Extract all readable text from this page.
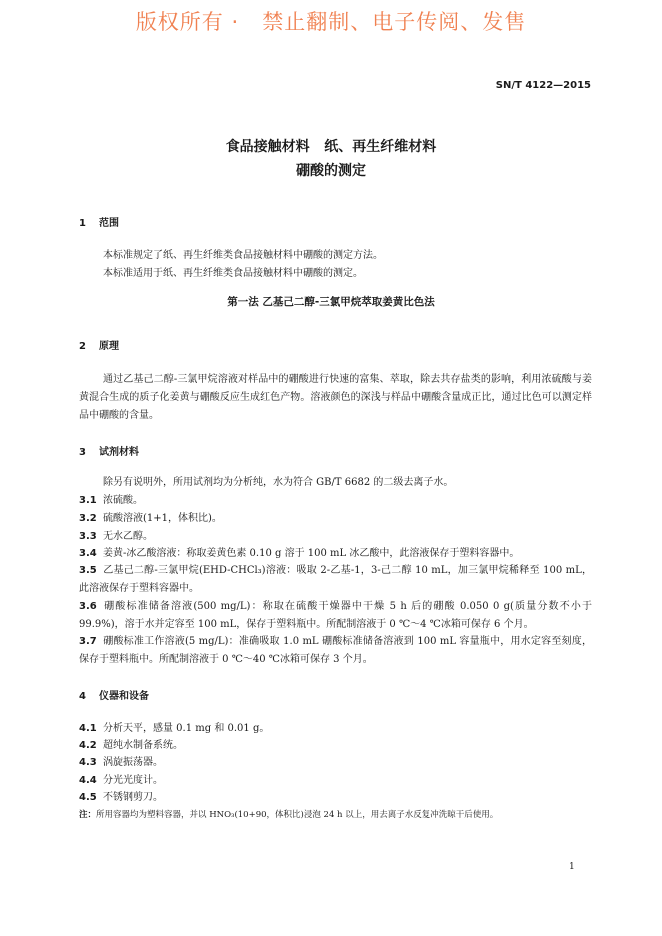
版权所有 ·   禁止翻制、电子传阅、发售
SN/T 4122—2015
食品接触材料   纸、再生纤维材料
硼酸的测定
1 范围
本标准规定了纸、再生纤维类食品接触材料中硼酸的测定方法。
本标准适用于纸、再生纤维类食品接触材料中硼酸的测定。
第一法 乙基己二醇-三氯甲烷萃取姜黄比色法
2 原理
通过乙基己二醇-三氯甲烷溶液对样品中的硼酸进行快速的富集、萃取，除去共存盐类的影响，利用浓硫酸与姜黄混合生成的质子化姜黄与硼酸反应生成红色产物。溶液颜色的深浅与样品中硼酸含量成正比，通过比色可以测定样品中硼酸的含量。
3 试剂材料
除另有说明外，所用试剂均为分析纯，水为符合 GB/T 6682 的二级去离子水。
3.1 浓硫酸。
3.2 硫酸溶液(1+1，体积比)。
3.3 无水乙醇。
3.4 姜黄-冰乙酸溶液：称取姜黄色素 0.10 g 溶于 100 mL 冰乙酸中，此溶液保存于塑料容器中。
3.5 乙基己二醇-三氯甲烷(EHD-CHCl₃)溶液：吸取 2-乙基-1，3-己二醇 10 mL，加三氯甲烷稀释至 100 mL，此溶液保存于塑料容器中。
3.6 硼酸标准储备溶液(500 mg/L)：称取在硫酸干燥器中干燥 5 h 后的硼酸 0.050 0 g(质量分数不小于 99.9%)，溶于水并定容至 100 mL，保存于塑料瓶中。所配制溶液于 0 ℃～4 ℃冰箱可保存 6 个月。
3.7 硼酸标准工作溶液(5 mg/L)：准确吸取 1.0 mL 硼酸标准储备溶液到 100 mL 容量瓶中，用水定容至刻度，保存于塑料瓶中。所配制溶液于 0 ℃～40 ℃冰箱可保存 3 个月。
4 仪器和设备
4.1 分析天平，感量 0.1 mg 和 0.01 g。
4.2 超纯水制备系统。
4.3 涡旋振荡器。
4.4 分光光度计。
4.5 不锈钢剪刀。
注：所用容器均为塑料容器，并以 HNO₃(10+90，体积比)浸泡 24 h 以上，用去离子水反复冲洗晾干后使用。
1
